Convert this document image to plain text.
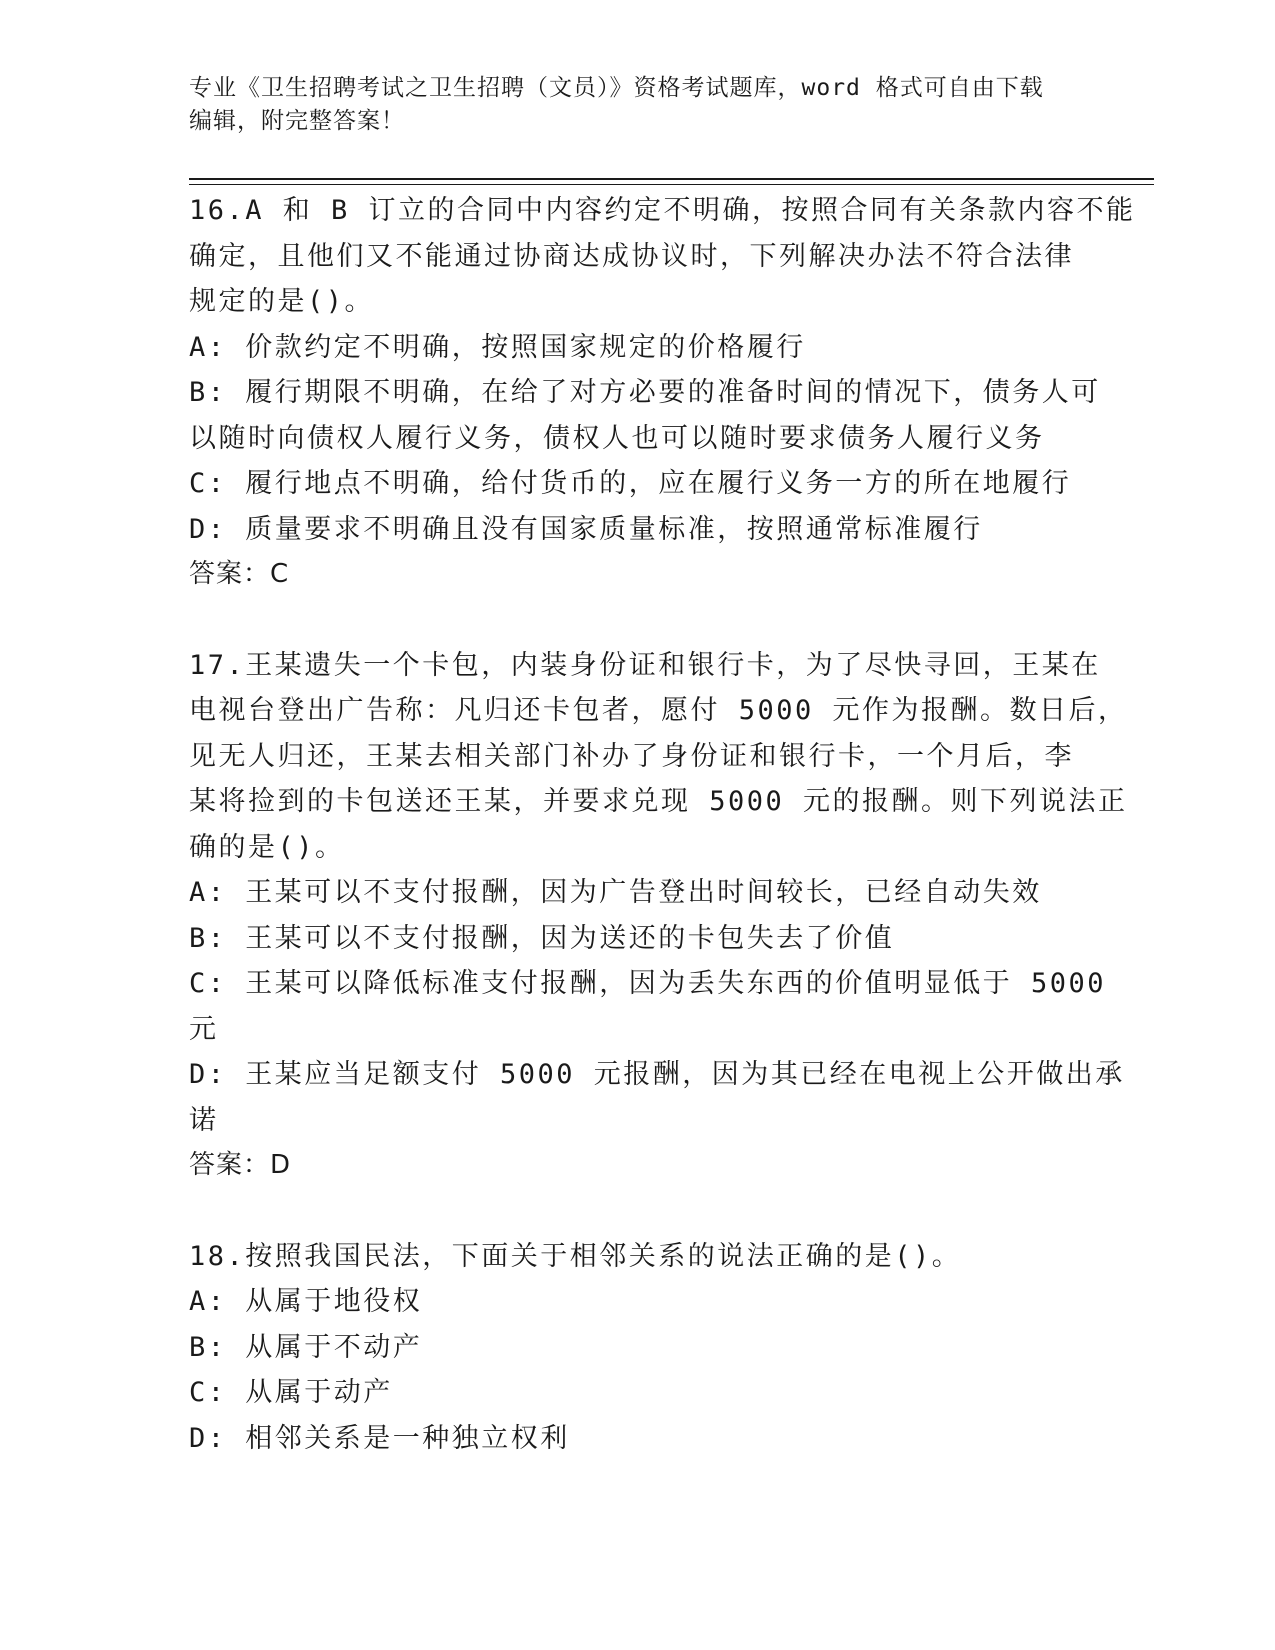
专业《卫生招聘考试之卫生招聘（文员）》资格考试题库，word 格式可自由下载
编辑，附完整答案！
16.A 和 B 订立的合同中内容约定不明确，按照合同有关条款内容不能
确定，且他们又不能通过协商达成协议时，下列解决办法不符合法律
规定的是()。
A: 价款约定不明确，按照国家规定的价格履行
B: 履行期限不明确，在给了对方必要的准备时间的情况下，债务人可
以随时向债权人履行义务，债权人也可以随时要求债务人履行义务
C: 履行地点不明确，给付货币的，应在履行义务一方的所在地履行
D: 质量要求不明确且没有国家质量标准，按照通常标准履行
答案：C
17.王某遗失一个卡包，内装身份证和银行卡，为了尽快寻回，王某在
电视台登出广告称：凡归还卡包者，愿付 5000 元作为报酬。数日后，
见无人归还，王某去相关部门补办了身份证和银行卡，一个月后，李
某将捡到的卡包送还王某，并要求兑现 5000 元的报酬。则下列说法正
确的是()。
A: 王某可以不支付报酬，因为广告登出时间较长，已经自动失效
B: 王某可以不支付报酬，因为送还的卡包失去了价值
C: 王某可以降低标准支付报酬，因为丢失东西的价值明显低于 5000
元
D: 王某应当足额支付 5000 元报酬，因为其已经在电视上公开做出承
诺
答案：D
18.按照我国民法，下面关于相邻关系的说法正确的是()。
A: 从属于地役权
B: 从属于不动产
C: 从属于动产
D: 相邻关系是一种独立权利
